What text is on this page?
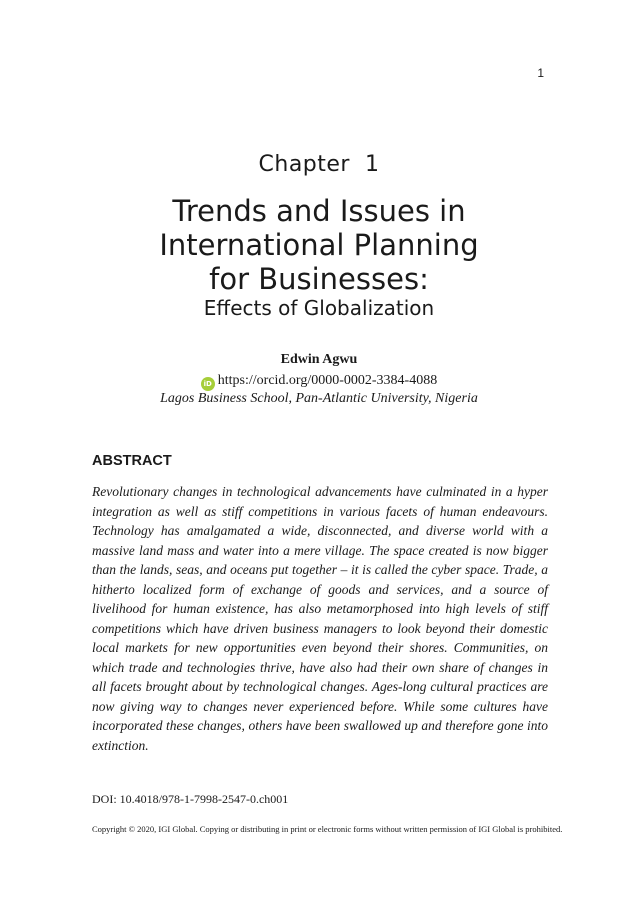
1
Chapter  1
Trends and Issues in
International Planning
for Businesses:
Effects of Globalization
Edwin Agwu
iD https://orcid.org/0000-0002-3384-4088
Lagos Business School, Pan-Atlantic University, Nigeria
ABSTRACT

Revolutionary changes in technological advancements have culminated in a hyper integration as well as stiff competitions in various facets of human endeavours. Technology has amalgamated a wide, disconnected, and diverse world with a massive land mass and water into a mere village. The space created is now bigger than the lands, seas, and oceans put together – it is called the cyber space. Trade, a hitherto localized form of exchange of goods and services, and a source of livelihood for human existence, has also metamorphosed into high levels of stiff competitions which have driven business managers to look beyond their domestic local markets for new opportunities even beyond their shores. Communities, on which trade and technologies thrive, have also had their own share of changes in all facets brought about by technological changes. Ages-long cultural practices are now giving way to changes never experienced before. While some cultures have incorporated these changes, others have been swallowed up and therefore gone into extinction.

DOI: 10.4018/978-1-7998-2547-0.ch001
Copyright © 2020, IGI Global. Copying or distributing in print or electronic forms without written permission of IGI Global is prohibited.
